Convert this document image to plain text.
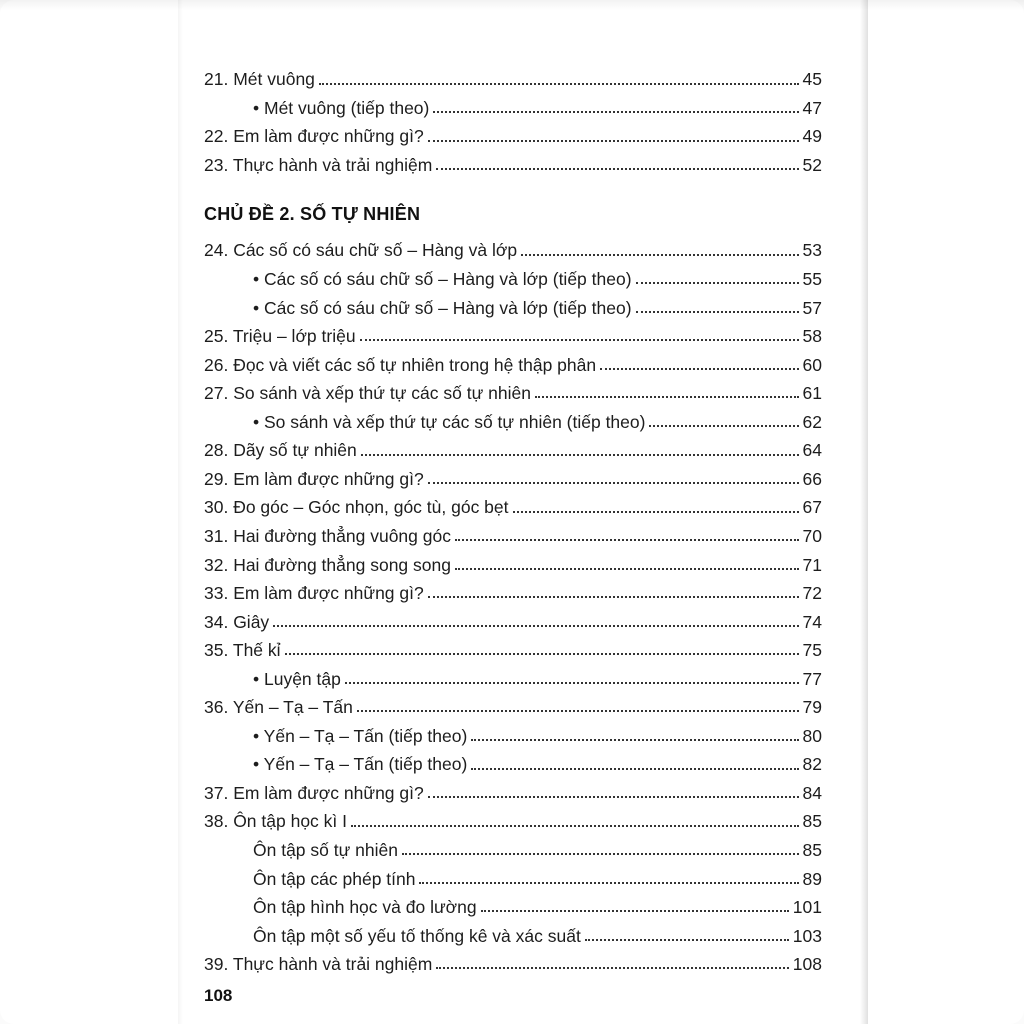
21. Mét vuông	45
• Mét vuông (tiếp theo)	47
22. Em làm được những gì?	49
23. Thực hành và trải nghiệm	52
CHỦ ĐỀ 2. SỐ TỰ NHIÊN
24. Các số có sáu chữ số – Hàng và lớp	53
• Các số có sáu chữ số – Hàng và lớp (tiếp theo)	55
• Các số có sáu chữ số – Hàng và lớp (tiếp theo)	57
25. Triệu – lớp triệu	58
26. Đọc và viết các số tự nhiên trong hệ thập phân	60
27. So sánh và xếp thứ tự các số tự nhiên	61
• So sánh và xếp thứ tự các số tự nhiên (tiếp theo)	62
28. Dãy số tự nhiên	64
29. Em làm được những gì?	66
30. Đo góc – Góc nhọn, góc tù, góc bẹt	67
31. Hai đường thẳng vuông góc	70
32. Hai đường thẳng song song	71
33. Em làm được những gì?	72
34. Giây	74
35. Thế kỉ	75
• Luyện tập	77
36. Yến – Tạ – Tấn	79
• Yến – Tạ – Tấn (tiếp theo)	80
• Yến – Tạ – Tấn (tiếp theo)	82
37. Em làm được những gì?	84
38. Ôn tập học kì I	85
Ôn tập số tự nhiên	85
Ôn tập các phép tính	89
Ôn tập hình học và đo lường	101
Ôn tập một số yếu tố thống kê và xác suất	103
39. Thực hành và trải nghiệm	108
108
